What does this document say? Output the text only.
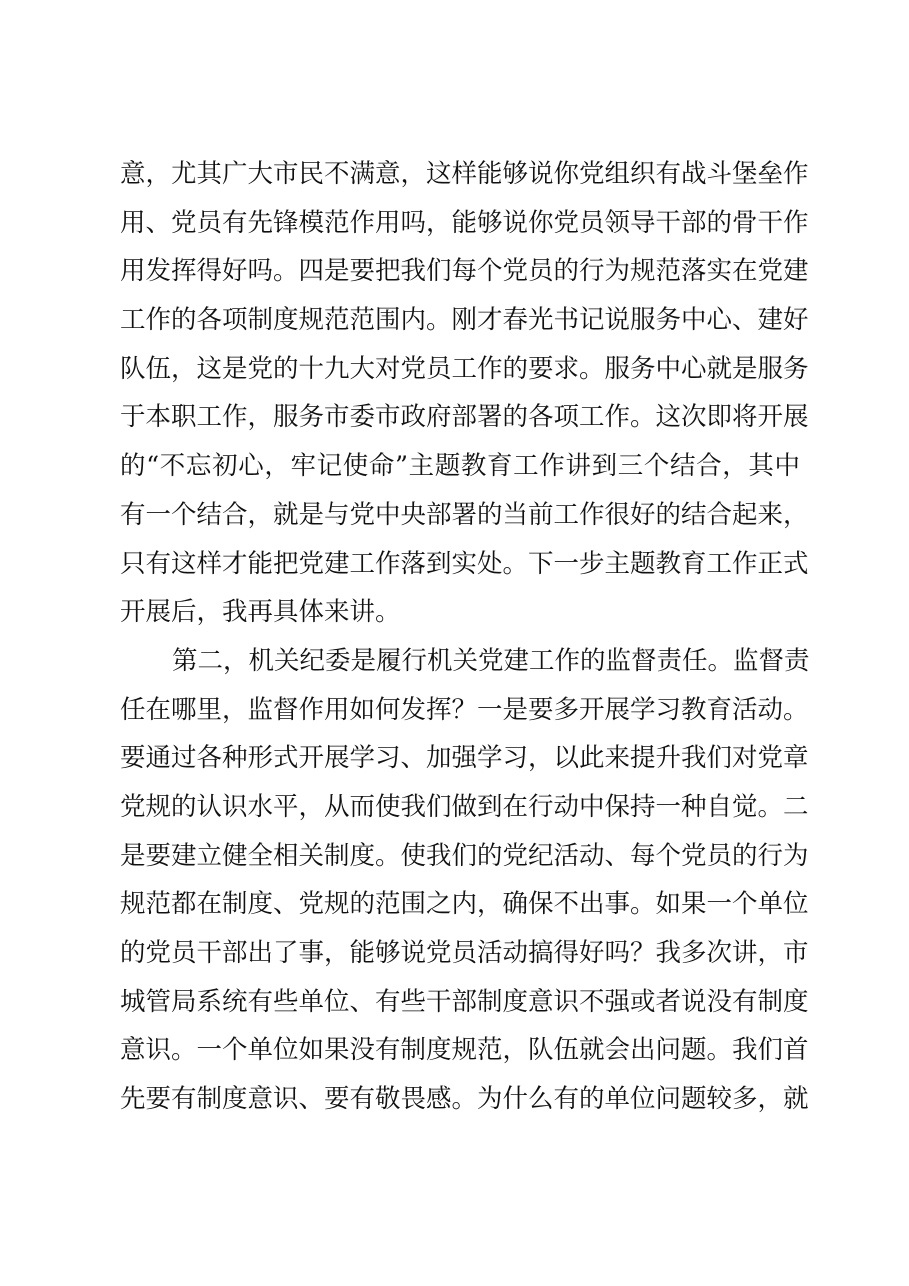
意，尤其广大市民不满意，这样能够说你党组织有战斗堡垒作
用、党员有先锋模范作用吗，能够说你党员领导干部的骨干作
用发挥得好吗。四是要把我们每个党员的行为规范落实在党建
工作的各项制度规范范围内。刚才春光书记说服务中心、建好
队伍，这是党的十九大对党员工作的要求。服务中心就是服务
于本职工作，服务市委市政府部署的各项工作。这次即将开展
的“不忘初心，牢记使命”主题教育工作讲到三个结合，其中
有一个结合，就是与党中央部署的当前工作很好的结合起来，
只有这样才能把党建工作落到实处。下一步主题教育工作正式
开展后，我再具体来讲。
第二，机关纪委是履行机关党建工作的监督责任。监督责
任在哪里，监督作用如何发挥？一是要多开展学习教育活动。
要通过各种形式开展学习、加强学习，以此来提升我们对党章
党规的认识水平，从而使我们做到在行动中保持一种自觉。二
是要建立健全相关制度。使我们的党纪活动、每个党员的行为
规范都在制度、党规的范围之内，确保不出事。如果一个单位
的党员干部出了事，能够说党员活动搞得好吗？我多次讲，市
城管局系统有些单位、有些干部制度意识不强或者说没有制度
意识。一个单位如果没有制度规范，队伍就会出问题。我们首
先要有制度意识、要有敬畏感。为什么有的单位问题较多，就
